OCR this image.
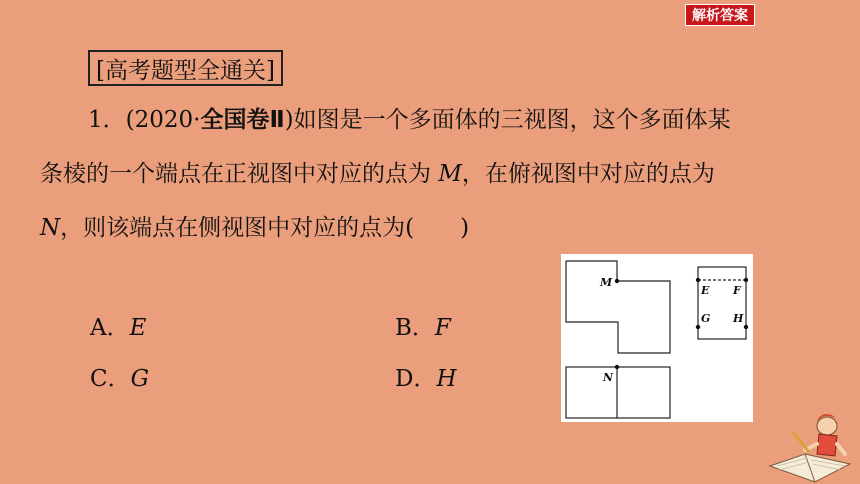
解析答案
[高考题型全通关]
1．(2020·全国卷Ⅱ)如图是一个多面体的三视图，这个多面体某
条棱的一个端点在正视图中对应的点为 M，在俯视图中对应的点为
N，则该端点在侧视图中对应的点为(　　)
A．E	B．F
C．G	D．H
M
N
E F
G H
